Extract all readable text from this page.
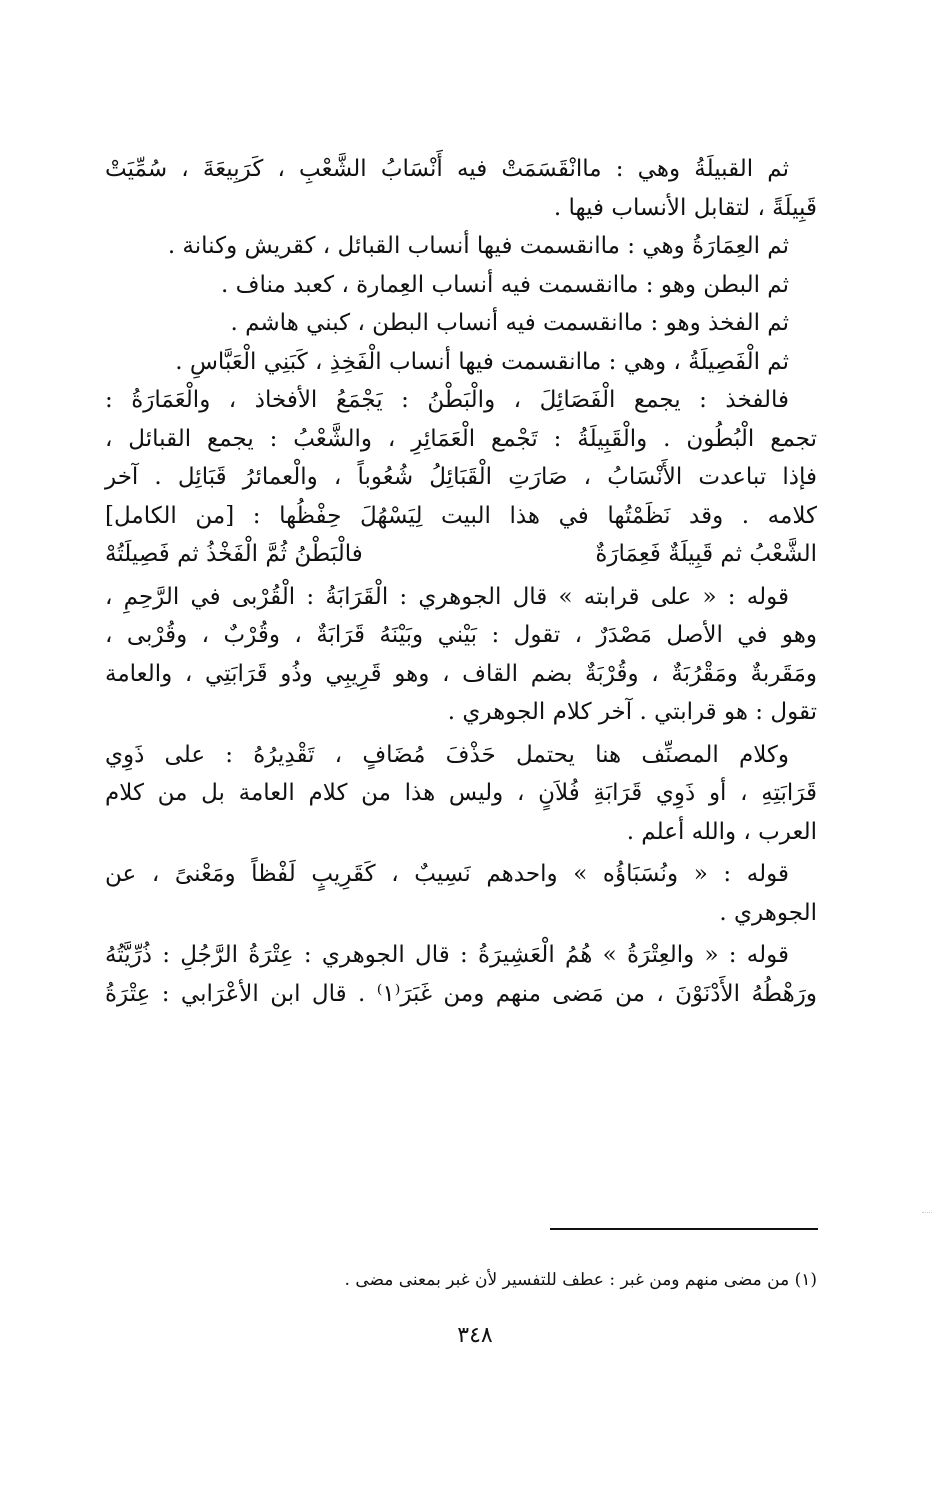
ثم القبيلَةُ وهي : ماانْقَسَمَتْ فيه أَنْسَابُ الشَّعْبِ ، كَرَبِيعَةَ ، سُمِّيَتْ
قَبِيلَةً ، لتقابل الأنساب فيها .
ثم العِمَارَةُ وهي : ماانقسمت فيها أنساب القبائل ، كقريش وكنانة .
ثم البطن وهو : ماانقسمت فيه أنساب العِمارة ، كعبد مناف .
ثم الفخذ وهو : ماانقسمت فيه أنساب البطن ، كبني هاشم .
ثم الْفَصِيلَةُ ، وهي : ماانقسمت فيها أنساب الْفَخِذِ ، كَبَنِي الْعَبَّاسِ .
فالفخذ : يجمع الْفَصَائِلَ ، والْبَطْنُ : يَجْمَعُ الأفخاذ ، والْعَمَارَةُ :
تجمع الْبُطُون . والْقَبِيلَةُ : تَجْمع الْعَمَائِرِ ، والشَّعْبُ : يجمع القبائل ،
فإذا تباعدت الأَنْسَابُ ، صَارَتِ الْقَبَائِلُ شُعُوباً ، والْعمائرُ قَبَائِل . آخر
كلامه . وقد نَظَمْتُها في هذا البيت لِيَسْهُلَ حِفْظُها : [من الكامل]
الشَّعْبُ ثم قَبِيلَةٌ فَعِمَارَةٌ
فالْبَطْنُ ثُمَّ الْفَخْذُ ثم فَصِيلَتُهْ
قوله : « على قرابته » قال الجوهري : الْقَرَابَةُ : الْقُرْبى في الرَّحِمِ ،
وهو في الأصل مَصْدَرٌ ، تقول : بَيْني وبَيْنَهُ قَرَابَةٌ ، وقُرْبٌ ، وقُرْبى ،
ومَقَربةٌ ومَقْرُبَةٌ ، وقُرْبَةٌ بضم القاف ، وهو قَرِيبِي وذُو قَرَابَتِي ، والعامة
تقول : هو قرابتي . آخر كلام الجوهري .
وكلام المصنِّف هنا يحتمل حَذْفَ مُضَافٍ ، تَقْدِيرُهُ : على ذَوِي
قَرَابَتِهِ ، أو ذَوِي قَرَابَةِ فُلاَنٍ ، وليس هذا من كلام العامة بل من كلام
العرب ، والله أعلم .
قوله : « ونُسَبَاؤُه » واحدهم نَسِيبٌ ، كَقَرِيبٍ لَفْظاً ومَعْنىً ، عن
الجوهري .
قوله : « والعِتْرَةُ » هُمُ الْعَشِيرَةُ : قال الجوهري : عِتْرَةُ الرَّجُلِ : ذُرِّيَّتُهُ
ورَهْطُهُ الأَدْنَوْنَ ، من مَضى منهم ومن غَبَرَ⁽١⁾ . قال ابن الأعْرَابي : عِتْرَةُ
(١) من مضى منهم ومن غبر : عطف للتفسير لأن غبر بمعنى مضى .
٣٤٨
